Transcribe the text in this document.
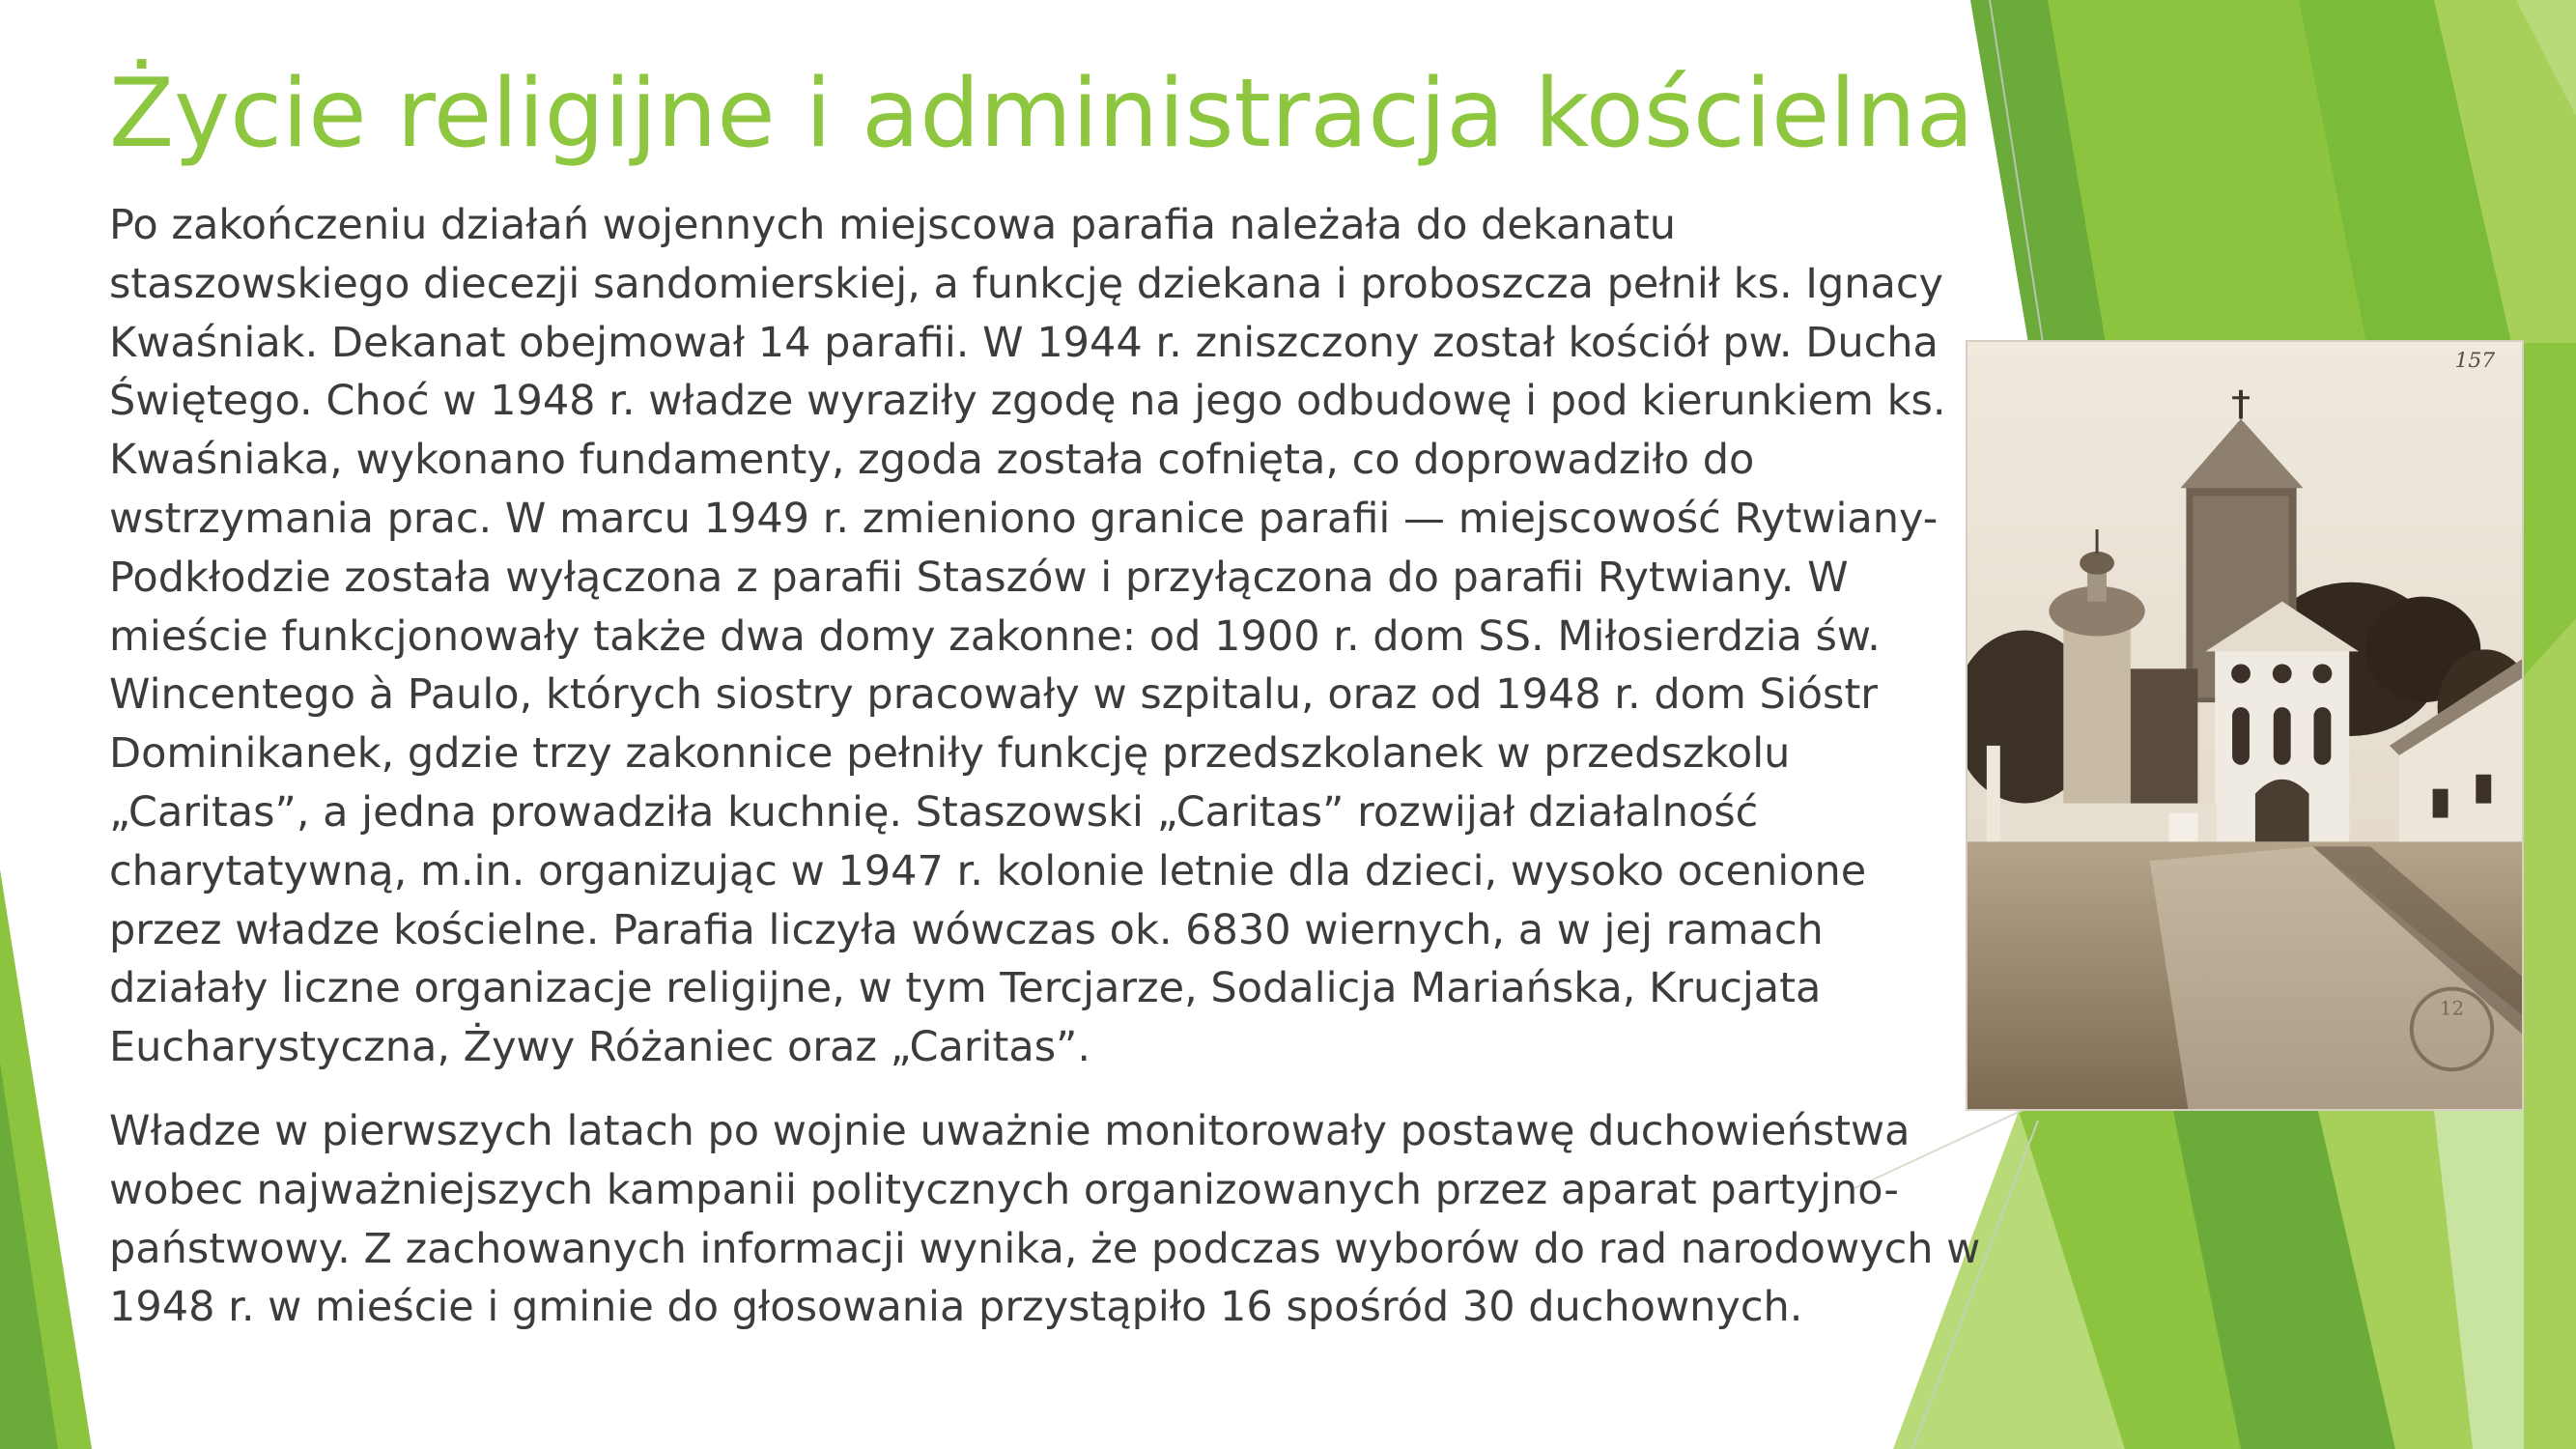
Życie religijne i administracja kościelna

Po zakończeniu działań wojennych miejscowa parafia należała do dekanatu staszowskiego diecezji sandomierskiej, a funkcję dziekana i proboszcza pełnił ks. Ignacy Kwaśniak. Dekanat obejmował 14 parafii. W 1944 r. zniszczony został kościół pw. Ducha Świętego. Choć w 1948 r. władze wyraziły zgodę na jego odbudowę i pod kierunkiem ks. Kwaśniaka, wykonano fundamenty, zgoda została cofnięta, co doprowadziło do wstrzymania prac. W marcu 1949 r. zmieniono granice parafii — miejscowość Rytwiany-Podkłodzie została wyłączona z parafii Staszów i przyłączona do parafii Rytwiany. W mieście funkcjonowały także dwa domy zakonne: od 1900 r. dom SS. Miłosierdzia św. Wincentego à Paulo, których siostry pracowały w szpitalu, oraz od 1948 r. dom Sióstr Dominikanek, gdzie trzy zakonnice pełniły funkcję przedszkolanek w przedszkolu „Caritas”, a jedna prowadziła kuchnię. Staszowski „Caritas” rozwijał działalność charytatywną, m.in. organizując w 1947 r. kolonie letnie dla dzieci, wysoko ocenione przez władze kościelne. Parafia liczyła wówczas ok. 6830 wiernych, a w jej ramach działały liczne organizacje religijne, w tym Tercjarze, Sodalicja Mariańska, Krucjata Eucharystyczna, Żywy Różaniec oraz „Caritas”.

Władze w pierwszych latach po wojnie uważnie monitorowały postawę duchowieństwa wobec najważniejszych kampanii politycznych organizowanych przez aparat partyjno-państwowy. Z zachowanych informacji wynika, że podczas wyborów do rad narodowych w 1948 r. w mieście i gminie do głosowania przystąpiło 16 spośród 30 duchownych.

12
157
